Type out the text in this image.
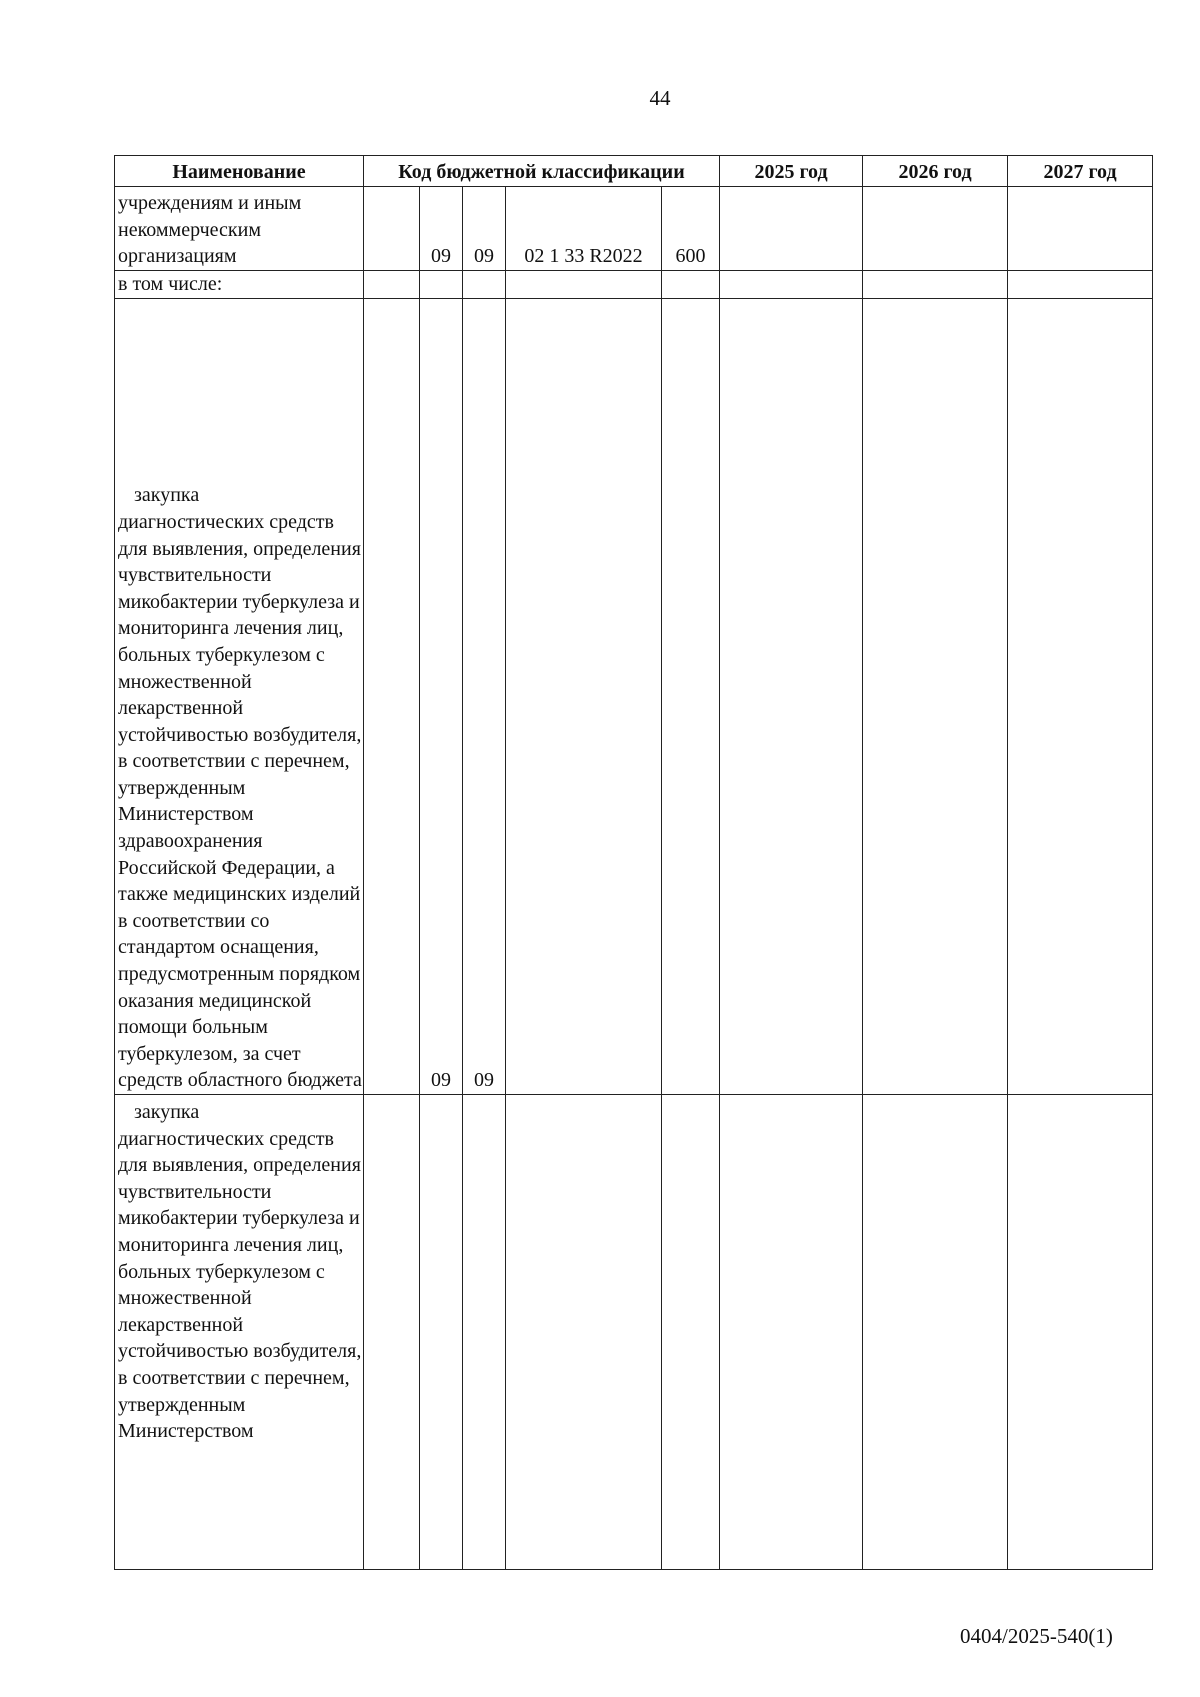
44
Наименование	Код бюджетной классификации					2025 год	2026 год	2027 год
учреждениям и иным некоммерческим организациям		09	09	02 1 33 R2022	600			
в том числе:								

закупка
диагностических средств для выявления, определения чувствительности микобактерии туберкулеза и мониторинга лечения лиц, больных туберкулезом с множественной лекарственной устойчивостью возбудителя, в соответствии с перечнем, утвержденным Министерством здравоохранения Российской Федерации, а также медицинских изделий в соответствии со стандартом оснащения, предусмотренным порядком оказания медицинской помощи больным туберкулезом, за счет средств областного бюджета		09	09					

закупка
диагностических средств для выявления, определения чувствительности микобактерии туберкулеза и мониторинга лечения лиц, больных туберкулезом с множественной лекарственной устойчивостью возбудителя, в соответствии с перечнем, утвержденным Министерством								

0404/2025-540(1)
